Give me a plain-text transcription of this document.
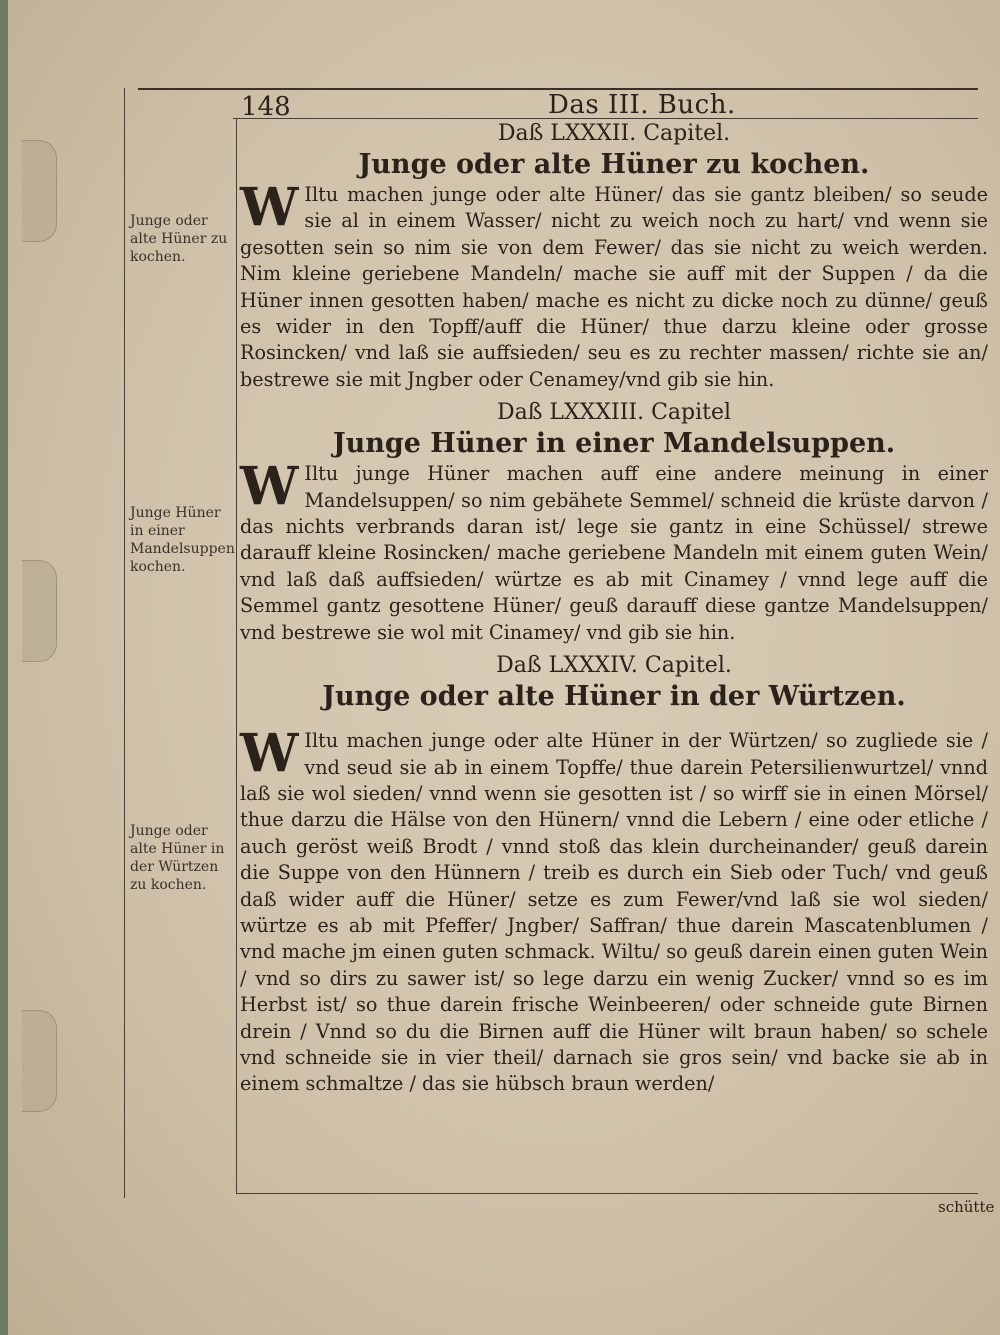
148	Das III. Buch.
Junge oder alte Hüner zu kochen.
Junge Hüner in einer Mandelsuppen kochen.
Junge oder alte Hüner in der Würtzen zu kochen.
Daß LXXXII. Capitel.
Junge oder alte Hüner zu kochen.
W Iltu machen junge oder alte Hüner/ das sie gantz bleiben/ so seude sie al in einem Wasser/ nicht zu weich noch zu hart/ vnd wenn sie gesotten sein so nim sie von dem Fewer/ das sie nicht zu weich werden. Nim kleine geriebene Mandeln/ mache sie auff mit der Suppen / da die Hüner innen gesotten haben/ mache es nicht zu dicke noch zu dünne/ geuß es wider in den Topff/auff die Hüner/ thue darzu kleine oder grosse Rosincken/ vnd laß sie auffsieden/ seu es zu rechter massen/ richte sie an/ bestrewe sie mit Jngber oder Cenamey/vnd gib sie hin.
Daß LXXXIII. Capitel
Junge Hüner in einer Mandelsuppen.
W Iltu junge Hüner machen auff eine andere meinung in einer Mandelsuppen/ so nim gebähete Semmel/ schneid die krüste darvon / das nichts verbrands daran ist/ lege sie gantz in eine Schüssel/ strewe darauff kleine Rosincken/ mache geriebene Mandeln mit einem guten Wein/ vnd laß daß auffsieden/ würtze es ab mit Cinamey / vnnd lege auff die Semmel gantz gesottene Hüner/ geuß darauff diese gantze Mandelsuppen/ vnd bestrewe sie wol mit Cinamey/ vnd gib sie hin.
Daß LXXXIV. Capitel.
Junge oder alte Hüner in der Würtzen.
W Iltu machen junge oder alte Hüner in der Würtzen/ so zugliede sie / vnd seud sie ab in einem Topffe/ thue darein Petersilienwurtzel/ vnnd laß sie wol sieden/ vnnd wenn sie gesotten ist / so wirff sie in einen Mörsel/ thue darzu die Hälse von den Hünern/ vnnd die Lebern / eine oder etliche / auch geröst weiß Brodt / vnnd stoß das klein durcheinander/ geuß darein die Suppe von den Hünnern / treib es durch ein Sieb oder Tuch/ vnd geuß daß wider auff die Hüner/ setze es zum Fewer/vnd laß sie wol sieden/ würtze es ab mit Pfeffer/ Jngber/ Saffran/ thue darein Mascatenblumen / vnd mache jm einen guten schmack. Wiltu/ so geuß darein einen guten Wein / vnd so dirs zu sawer ist/ so lege darzu ein wenig Zucker/ vnnd so es im Herbst ist/ so thue darein frische Weinbeeren/ oder schneide gute Birnen drein / Vnnd so du die Birnen auff die Hüner wilt braun haben/ so schele vnd schneide sie in vier theil/ darnach sie gros sein/ vnd backe sie ab in einem schmaltze / das sie hübsch braun werden/
schütte
